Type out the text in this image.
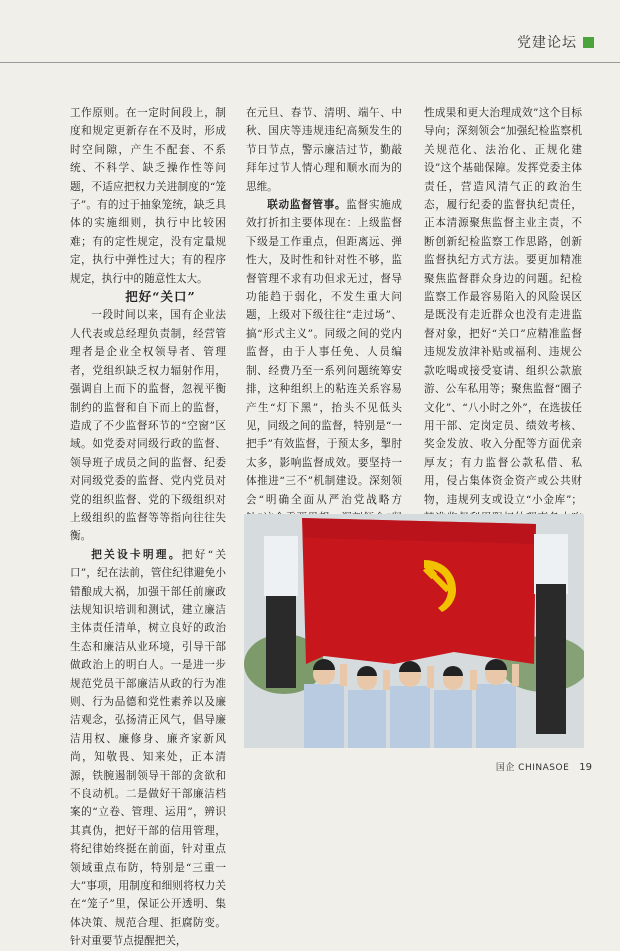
党建论坛

工作原则。在一定时间段上，制度和规定更新存在不及时，形成时空间隙，产生不配套、不系统、不科学、缺乏操作性等问题，不适应把权力关进制度的“笼子”。有的过于抽象笼统，缺乏具体的实施细则，执行中比较困难；有的定性规定，没有定量规定，执行中弹性过大；有的程序规定，执行中的随意性太大。

把好“关口”

一段时间以来，国有企业法人代表或总经理负责制，经营管理者是企业全权领导者、管理者，党组织缺乏权力辐射作用，强调自上而下的监督，忽视平衡制约的监督和自下而上的监督，造成了不少监督环节的“空窗”区域。如党委对同级行政的监督、领导班子成员之间的监督、纪委对同级党委的监督、党内党员对党的组织监督、党的下级组织对上级组织的监督等等指向往往失衡。

把关设卡明理。把好“关口”，纪在法前，管住纪律避免小错酿成大祸，加强干部任前廉政法规知识培训和测试，建立廉洁主体责任清单，树立良好的政治生态和廉洁从业环境，引导干部做政治上的明白人。一是进一步规范党员干部廉洁从政的行为准则、行为品德和党性素养以及廉洁观念，弘扬清正风气，倡导廉洁用权、廉修身、廉齐家新风尚，知敬畏、知来处，正本清源，铁腕遏制领导干部的贪欲和不良动机。二是做好干部廉洁档案的“立卷、管理、运用”，辨识其真伪，把好干部的信用管理，将纪律始终挺在前面，针对重点领域重点布防，特别是“三重一大”事项，用制度和细则将权力关在“笼子”里，保证公开透明、集体决策、规范合理、拒腐防变。针对重要节点提醒把关，

在元旦、春节、清明、端午、中秋、国庆等违规违纪高频发生的节日节点，警示廉洁过节，勤敲拜年过节人情心理和顺水而为的思维。

联动监督管事。监督实施成效打折扣主要体现在：上级监督下级是工作重点，但距离远、弹性大，及时性和针对性不够，监督管理不求有功但求无过，督导功能趋于弱化，不发生重大问题，上级对下级往往“走过场”、搞“形式主义”。同级之间的党内监督，由于人事任免、人员编制、经费乃至一系列问题统筹安排，这种组织上的粘连关系容易产生“灯下黑”，抬头不见低头见，同级之间的监督，特别是“一把手”有效监督，于预太多，掣肘太多，影响监督成效。要坚持一体推进“三不”机制建设。深刻领会“明确全面从严治党战略方

性成果和更大治理成效”这个目标导向；深刻领会“加强纪检监察机关规范化、法治化、正规化建设”这个基础保障。发挥党委主体责任，营造风清气正的政治生态，履行纪委的监督执纪责任，正本清源聚焦监督主业主责，不断创新纪检监察工作思路，创新监督执纪方式方法。要更加精准聚焦监督群众身边的问题。纪检监察工作最容易陷入的风险误区是既没有走近群众也没有走进监督对象，把好“关口”应精准监督违规发放津补贴或福利、违规公款吃喝或接受宴请、组织公款旅游、公车私用等；聚焦监督“圈子文化”、“八小时之外”，在选拔任用干部、定岗定员、绩效考核、奖金发放、收入分配等方面优亲厚友；有力监督公款私借、私用，侵占集体资金资产或公共财物，违规列支或设立“小金库”；

国企 CHINASOE 19
